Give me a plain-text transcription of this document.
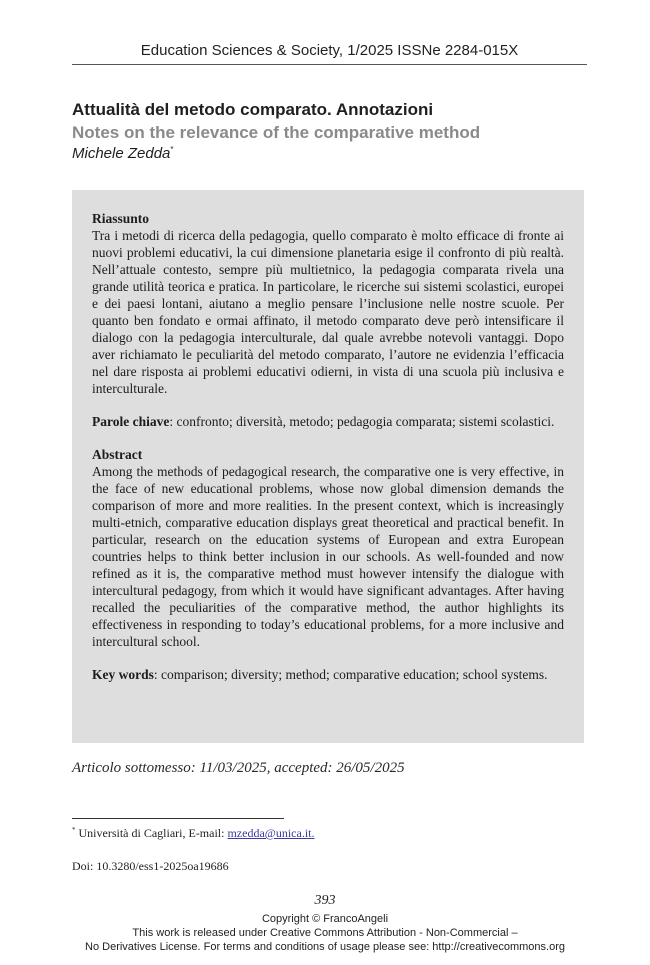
Education Sciences & Society, 1/2025 ISSNe 2284-015X
Attualità del metodo comparato. Annotazioni
Notes on the relevance of the comparative method
Michele Zedda*
Riassunto
Tra i metodi di ricerca della pedagogia, quello comparato è molto efficace di fronte ai nuovi problemi educativi, la cui dimensione planetaria esige il confronto di più realtà. Nell’attuale contesto, sempre più multietnico, la pedagogia comparata rivela una grande utilità teorica e pratica. In particolare, le ricerche sui sistemi scolastici, europei e dei paesi lontani, aiutano a meglio pensare l’inclusione nelle nostre scuole. Per quanto ben fondato e ormai affinato, il metodo comparato deve però intensificare il dialogo con la pedagogia interculturale, dal quale avrebbe notevoli vantaggi. Dopo aver richiamato le peculiarità del metodo comparato, l’autore ne evidenzia l’efficacia nel dare risposta ai problemi educativi odierni, in vista di una scuola più inclusiva e interculturale.
Parole chiave: confronto; diversità, metodo; pedagogia comparata; sistemi scolastici.
Abstract
Among the methods of pedagogical research, the comparative one is very effective, in the face of new educational problems, whose now global dimension demands the comparison of more and more realities. In the present context, which is increasingly multi-etnich, comparative education displays great theoretical and practical benefit. In particular, research on the education systems of European and extra European countries helps to think better inclusion in our schools. As well-founded and now refined as it is, the comparative method must however intensify the dialogue with intercultural pedagogy, from which it would have significant advantages. After having recalled the peculiarities of the comparative method, the author highlights its effectiveness in responding to today’s educational problems, for a more inclusive and intercultural school.
Key words: comparison; diversity; method; comparative education; school systems.
Articolo sottomesso: 11/03/2025, accepted: 26/05/2025
* Università di Cagliari, E-mail: mzedda@unica.it.
Doi: 10.3280/ess1-2025oa19686
393
Copyright © FrancoAngeli
This work is released under Creative Commons Attribution - Non-Commercial –
No Derivatives License. For terms and conditions of usage please see: http://creativecommons.org
